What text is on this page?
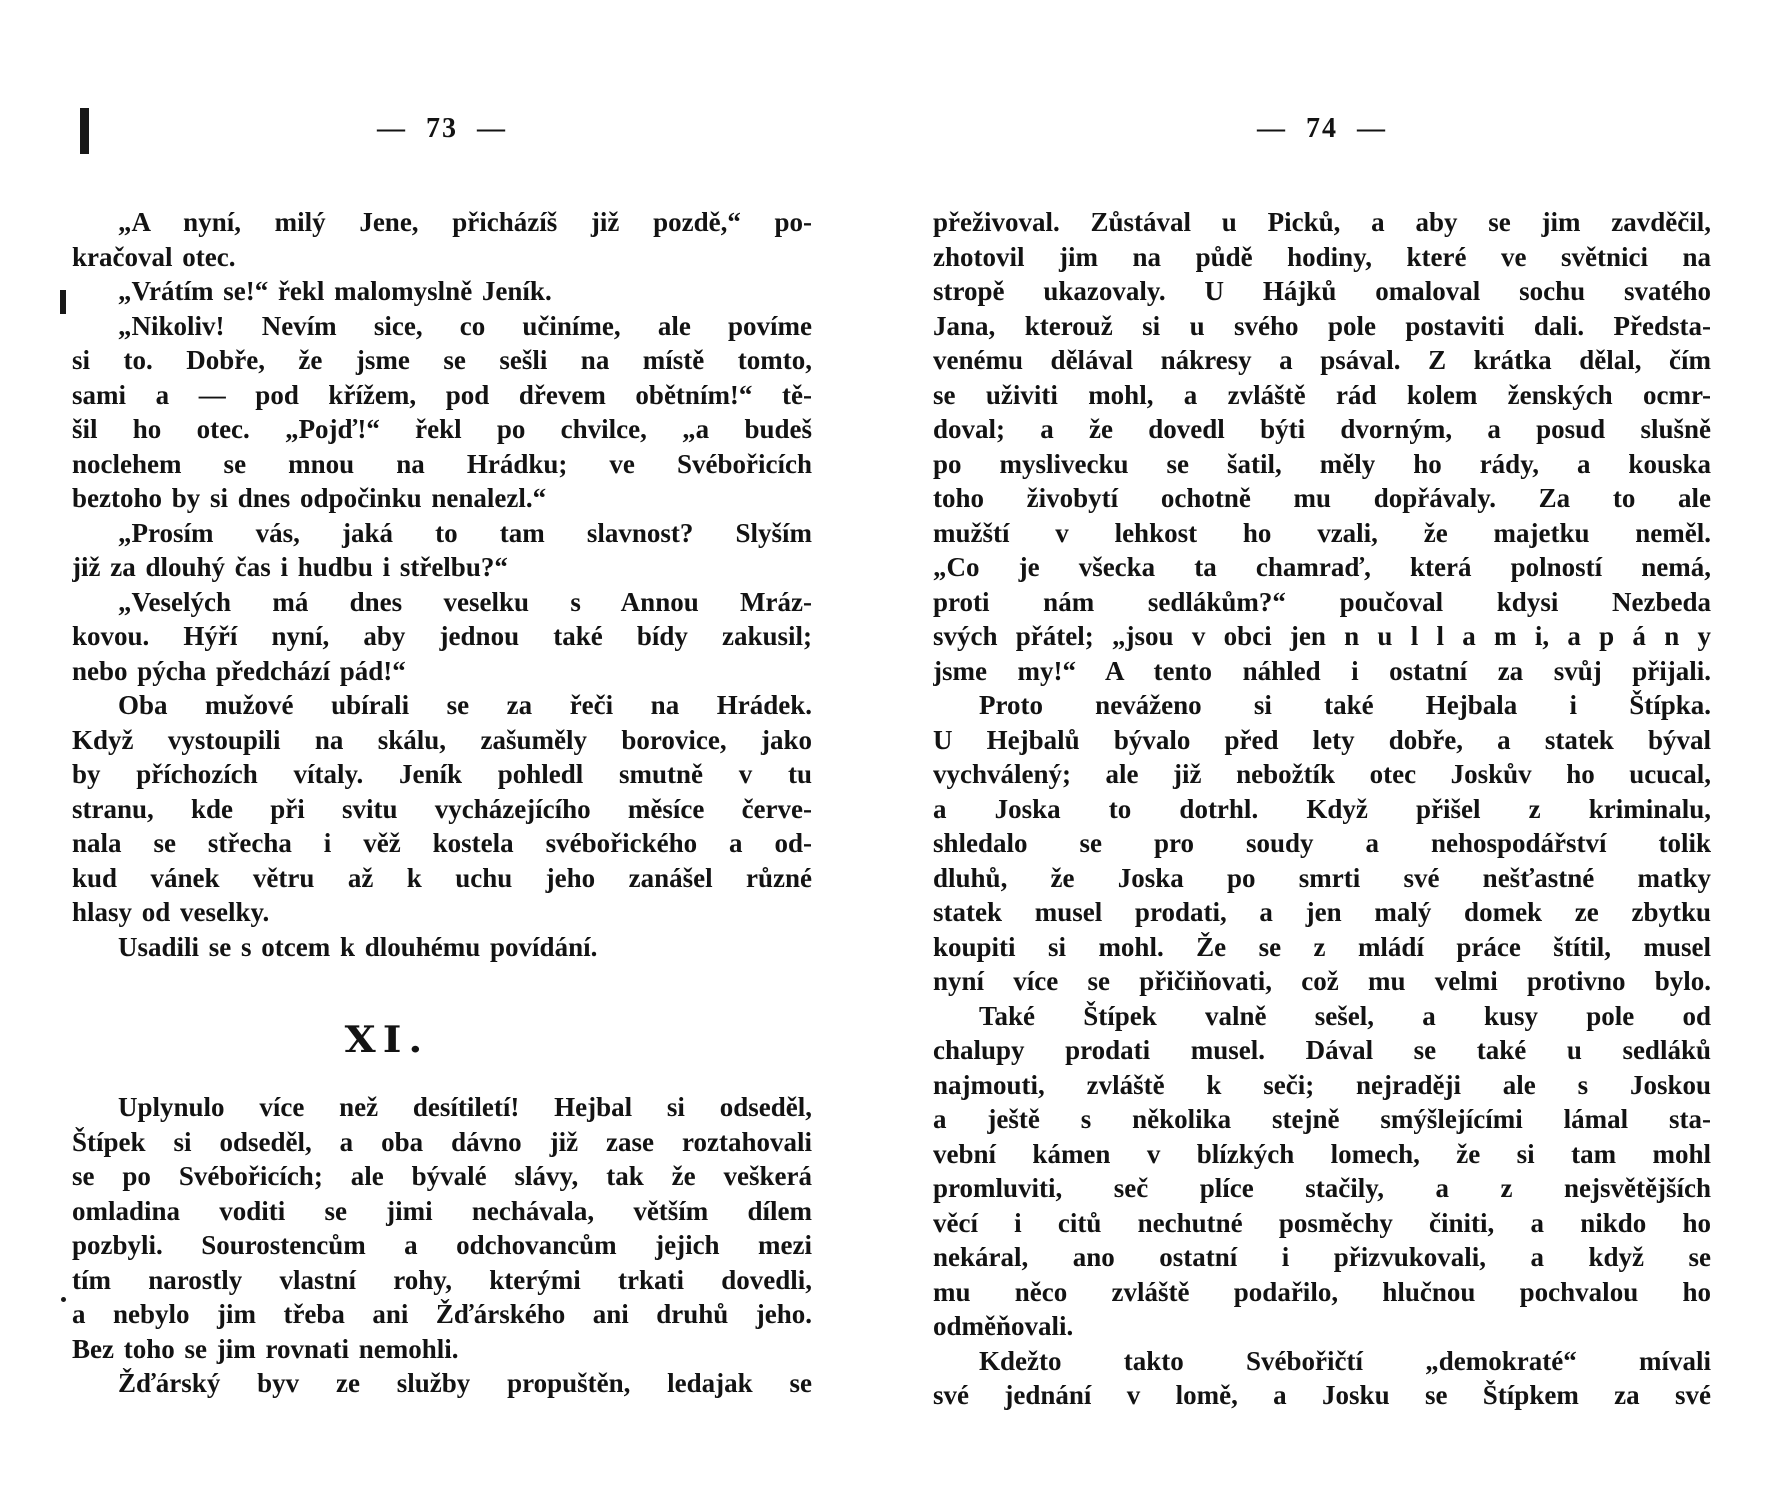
— 73 —
„A nyní, milý Jene, přicházíš již pozdě,“ po-
kračoval otec.
„Vrátím se!“ řekl malomyslně Jeník.
„Nikoliv! Nevím sice, co učiníme, ale povíme
si to. Dobře, že jsme se sešli na místě tomto,
sami a — pod křížem, pod dřevem obětním!“ tě-
šil ho otec. „Pojď!“ řekl po chvilce, „a budeš
noclehem se mnou na Hrádku; ve Svébořicích
beztoho by si dnes odpočinku nenalezl.“
„Prosím vás, jaká to tam slavnost? Slyším
již za dlouhý čas i hudbu i střelbu?“
„Veselých má dnes veselku s Annou Mráz-
kovou. Hýří nyní, aby jednou také bídy zakusil;
nebo pýcha předchází pád!“
Oba mužové ubírali se za řeči na Hrádek.
Když vystoupili na skálu, zašuměly borovice, jako
by příchozích vítaly. Jeník pohledl smutně v tu
stranu, kde při svitu vycházejícího měsíce červe-
nala se střecha i věž kostela svébořického a od-
kud vánek větru až k uchu jeho zanášel různé
hlasy od veselky.
Usadili se s otcem k dlouhému povídání.
XI.
Uplynulo více než desítiletí! Hejbal si odseděl,
Štípek si odseděl, a oba dávno již zase roztahovali
se po Svébořicích; ale bývalé slávy, tak že veškerá
omladina voditi se jimi nechávala, větším dílem
pozbyli. Sourostencům a odchovancům jejich mezi
tím narostly vlastní rohy, kterými trkati dovedli,
a nebylo jim třeba ani Žďárského ani druhů jeho.
Bez toho se jim rovnati nemohli.
Žďárský byv ze služby propuštěn, ledajak se
— 74 —
přeživoval. Zůstával u Picků, a aby se jim zavděčil,
zhotovil jim na půdě hodiny, které ve světnici na
stropě ukazovaly. U Hájků omaloval sochu svatého
Jana, kterouž si u svého pole postaviti dali. Předsta-
venému dělával nákresy a psával. Z krátka dělal, čím
se uživiti mohl, a zvláště rád kolem ženských ocmr-
doval; a že dovedl býti dvorným, a posud slušně
po myslivecku se šatil, měly ho rády, a kouska
toho živobytí ochotně mu dopřávaly. Za to ale
mužští v lehkost ho vzali, že majetku neměl.
„Co je všecka ta chamraď, která polností nemá,
proti nám sedlákům?“ poučoval kdysi Nezbeda
svých přátel; „jsou v obci jen n u l l a m i, a p á n y
jsme my!“ A tento náhled i ostatní za svůj přijali.
Proto neváženo si také Hejbala i Štípka.
U Hejbalů bývalo před lety dobře, a statek býval
vychválený; ale již nebožtík otec Joskův ho ucucal,
a Joska to dotrhl. Když přišel z kriminalu,
shledalo se pro soudy a nehospodářství tolik
dluhů, že Joska po smrti své nešťastné matky
statek musel prodati, a jen malý domek ze zbytku
koupiti si mohl. Že se z mládí práce štítil, musel
nyní více se přičiňovati, což mu velmi protivno bylo.
Také Štípek valně sešel, a kusy pole od
chalupy prodati musel. Dával se také u sedláků
najmouti, zvláště k seči; nejraději ale s Joskou
a ještě s několika stejně smýšlejícími lámal sta-
vební kámen v blízkých lomech, že si tam mohl
promluviti, seč plíce stačily, a z nejsvětějších
věcí i citů nechutné posměchy činiti, a nikdo ho
nekáral, ano ostatní i přizvukovali, a když se
mu něco zvláště podařilo, hlučnou pochvalou ho
odměňovali.
Kdežto takto Svébořičtí „demokraté“ mívali
své jednání v lomě, a Josku se Štípkem za své
